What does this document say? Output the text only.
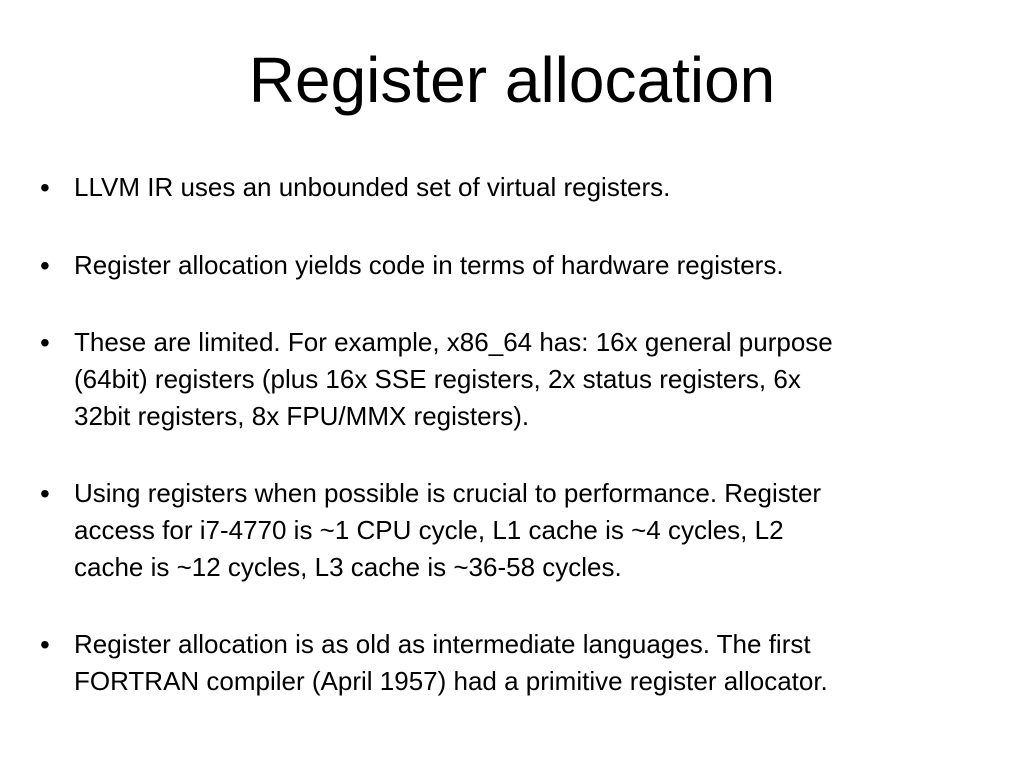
Register allocation
• LLVM IR uses an unbounded set of virtual registers.
• Register allocation yields code in terms of hardware registers.
• These are limited. For example, x86_64 has: 16x general purpose
(64bit) registers (plus 16x SSE registers, 2x status registers, 6x
32bit registers, 8x FPU/MMX registers).
• Using registers when possible is crucial to performance. Register
access for i7-4770 is ~1 CPU cycle, L1 cache is ~4 cycles, L2
cache is ~12 cycles, L3 cache is ~36-58 cycles.
• Register allocation is as old as intermediate languages. The first
FORTRAN compiler (April 1957) had a primitive register allocator.
